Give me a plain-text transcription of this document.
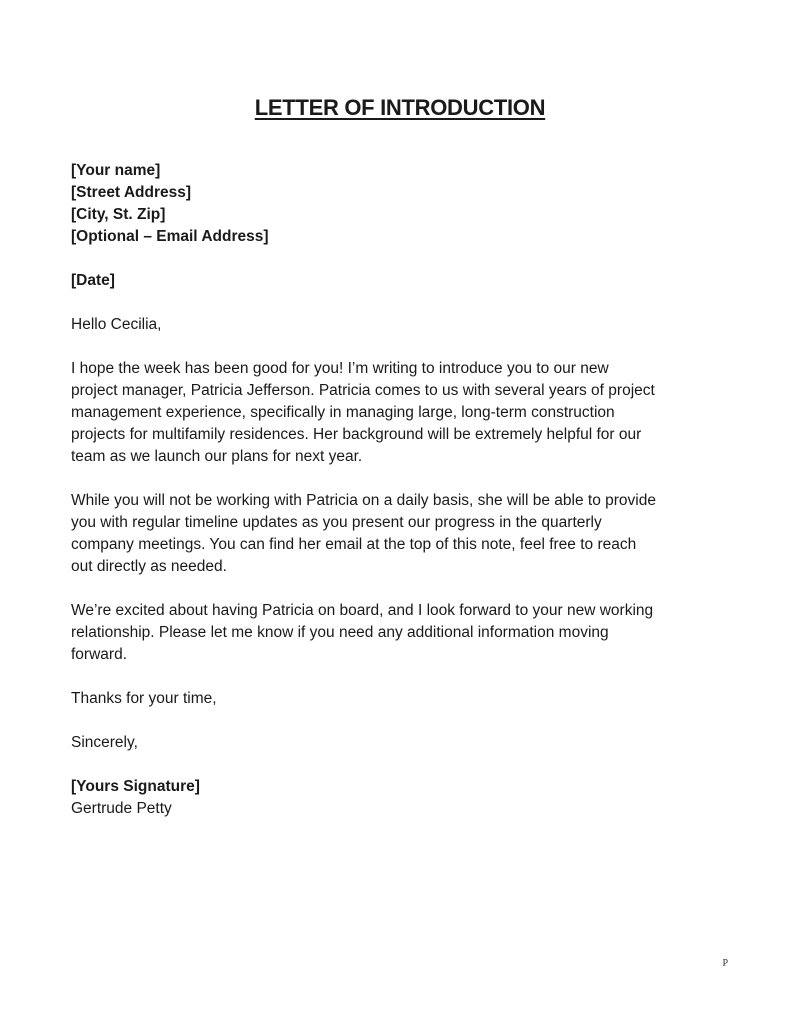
LETTER OF INTRODUCTION
[Your name]
[Street Address]
[City, St. Zip]
[Optional – Email Address]
[Date]
Hello Cecilia,
I hope the week has been good for you! I’m writing to introduce you to our new
project manager, Patricia Jefferson. Patricia comes to us with several years of project
management experience, specifically in managing large, long-term construction
projects for multifamily residences. Her background will be extremely helpful for our
team as we launch our plans for next year.
While you will not be working with Patricia on a daily basis, she will be able to provide
you with regular timeline updates as you present our progress in the quarterly
company meetings. You can find her email at the top of this note, feel free to reach
out directly as needed.
We’re excited about having Patricia on board, and I look forward to your new working
relationship. Please let me know if you need any additional information moving
forward.
Thanks for your time,
Sincerely,
[Yours Signature]
Gertrude Petty
P
